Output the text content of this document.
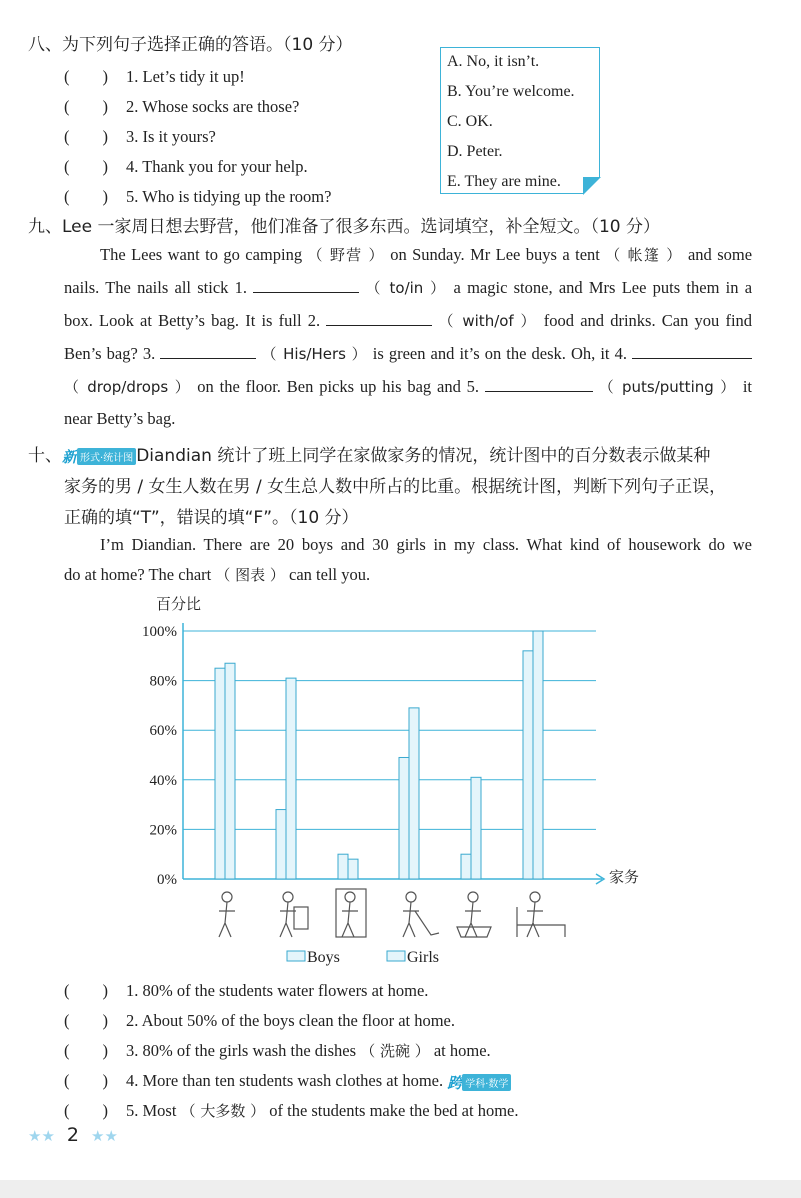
八、为下列句子选择正确的答语。（10 分）
(　　) 1. Let’s tidy it up!
(　　) 2. Whose socks are those?
(　　) 3. Is it yours?
(　　) 4. Thank you for your help.
(　　) 5. Who is tidying up the room?
A. No, it isn’t.
B. You’re welcome.
C. OK.
D. Peter.
E. They are mine.
九、Lee 一家周日想去野营，他们准备了很多东西。选词填空，补全短文。（10 分）
The Lees want to go camping （ 野营 ） on Sunday. Mr Lee buys a tent （ 帐篷 ） and some
nails. The nails all stick 1.	（ to/in ） a magic stone, and Mrs Lee puts them in a
box. Look at Betty’s bag. It is full 2.	（ with/of ） food and drinks. Can you find
Ben’s bag? 3.	（ His/Hers ） is green and it’s on the desk. Oh, it 4.
（ drop/drops ） on the floor. Ben picks up his bag and 5.	（ puts/putting ） it
near Betty’s bag.
十、新 形式·统计图 Diandian 统计了班上同学在家做家务的情况，统计图中的百分数表示做某种
家务的男 / 女生人数在男 / 女生总人数中所占的比重。根据统计图，判断下列句子正误，
正确的填“T”，错误的填“F”。（10 分）
I’m Diandian. There are 20 boys and 30 girls in my class. What kind of housework do we
do at home? The chart （ 图表 ） can tell you.
百分比
家务
0%
20%
40%
60%
80%
100%
Boys	Girls
(　　) 1. 80% of the students water flowers at home.
(　　) 2. About 50% of the boys clean the floor at home.
(　　) 3. 80% of the girls wash the dishes （ 洗碗 ） at home.
(　　) 4. More than ten students wash clothes at home. 跨 学科·数学
(　　) 5. Most （ 大多数 ） of the students make the bed at home.
★★ 2 ★★
